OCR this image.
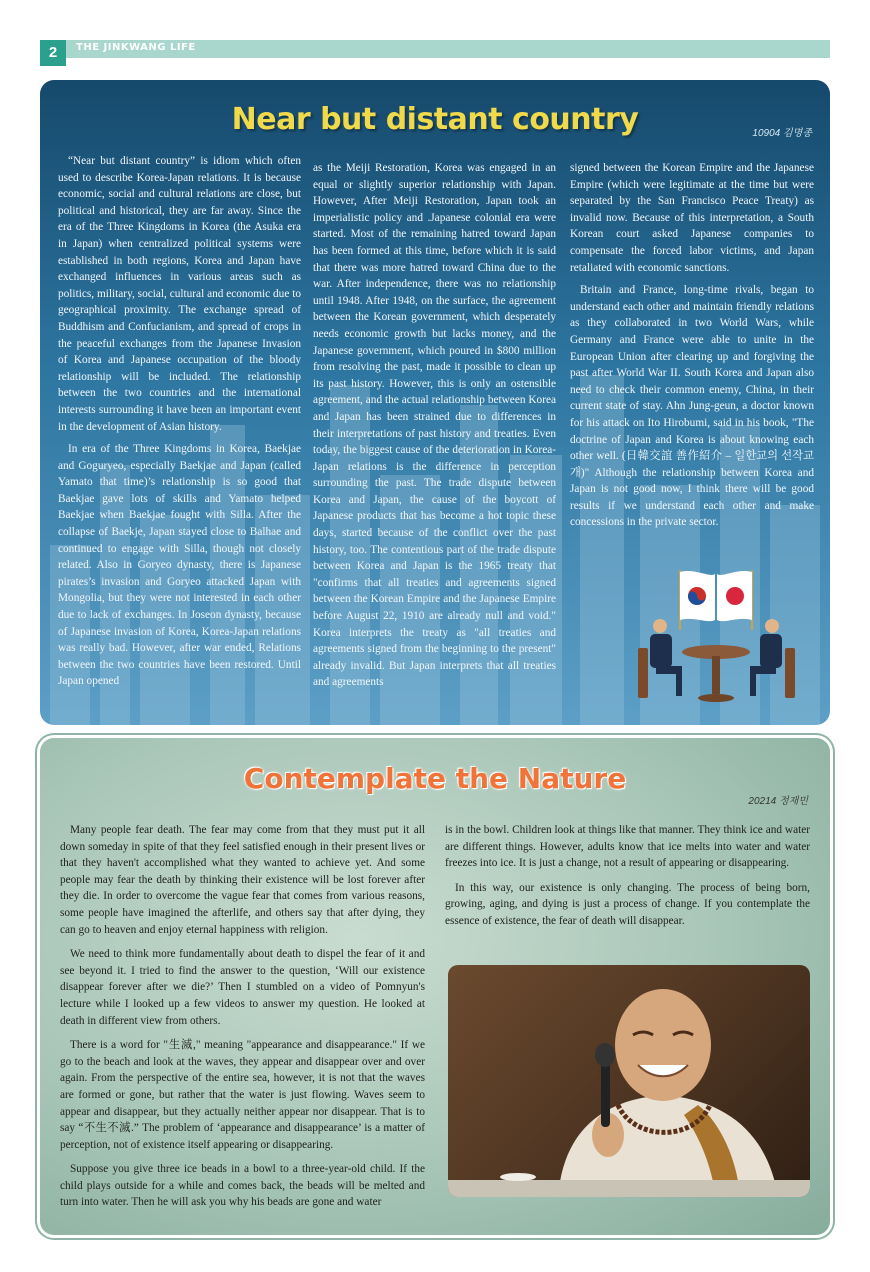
2	THE JINKWANG LIFE
Near but distant country	10904 김명종

“Near but distant country” is idiom which often used to describe Korea-Japan relations. It is because economic, social and cultural relations are close, but political and historical, they are far away. Since the era of the Three Kingdoms in Korea (the Asuka era in Japan) when centralized political systems were established in both regions, Korea and Japan have exchanged influences in various areas such as politics, military, social, cultural and economic due to geographical proximity. The exchange spread of Buddhism and Confucianism, and spread of crops in the peaceful exchanges from the Japanese Invasion of Korea and Japanese occupation of the bloody relationship will be included. The relationship between the two countries and the international interests surrounding it have been an important event in the development of Asian history.

In era of the Three Kingdoms in Korea, Baekjae and Goguryeo, especially Baekjae and Japan (called Yamato that time)’s relationship is so good that Baekjae gave lots of skills and Yamato helped Baekjae when Baekjae fought with Silla. After the collapse of Baekje, Japan stayed close to Balhae and continued to engage with Silla, though not closely related. Also in Goryeo dynasty, there is Japanese pirates’s invasion and Goryeo attacked Japan with Mongolia, but they were not interested in each other due to lack of exchanges. In Joseon dynasty, because of Japanese invasion of Korea, Korea-Japan relations was really bad. However, after war ended, Relations between the two countries have been restored. Until Japan opened

as the Meiji Restoration, Korea was engaged in an equal or slightly superior relationship with Japan. However, After Meiji Restoration, Japan took an imperialistic policy and .Japanese colonial era were started. Most of the remaining hatred toward Japan has been formed at this time, before which it is said that there was more hatred toward China due to the war. After independence, there was no relationship until 1948. After 1948, on the surface, the agreement between the Korean government, which desperately needs economic growth but lacks money, and the Japanese government, which poured in $800 million from resolving the past, made it possible to clean up its past history. However, this is only an ostensible agreement, and the actual relationship between Korea and Japan has been strained due to differences in their interpretations of past history and treaties. Even today, the biggest cause of the deterioration in Korea-Japan relations is the difference in perception surrounding the past. The trade dispute between Korea and Japan, the cause of the boycott of Japanese products that has become a hot topic these days, started because of the conflict over the past history, too. The contentious part of the trade dispute between Korea and Japan is the 1965 treaty that "confirms that all treaties and agreements signed between the Korean Empire and the Japanese Empire before August 22, 1910 are already null and void." Korea interprets the treaty as "all treaties and agreements signed from the beginning to the present" already invalid. But Japan interprets that all treaties and agreements

signed between the Korean Empire and the Japanese Empire (which were legitimate at the time but were separated by the San Francisco Peace Treaty) as invalid now. Because of this interpretation, a South Korean court asked Japanese companies to compensate the forced labor victims, and Japan retaliated with economic sanctions.

Britain and France, long-time rivals, began to understand each other and maintain friendly relations as they collaborated in two World Wars, while Germany and France were able to unite in the European Union after clearing up and forgiving the past after World War II. South Korea and Japan also need to check their common enemy, China, in their current state of stay. Ahn Jung-geun, a doctor known for his attack on Ito Hirobumi, said in his book, "The doctrine of Japan and Korea is about knowing each other well. (日韓交誼 善作紹介 – 일한교의 선작교개)" Although the relationship between Korea and Japan is not good now, I think there will be good results if we understand each other and make concessions in the private sector.

Contemplate the Nature
20214 정재민

Many people fear death. The fear may come from that they must put it all down someday in spite of that they feel satisfied enough in their present lives or that they haven't accomplished what they wanted to achieve yet. And some people may fear the death by thinking their existence will be lost forever after they die. In order to overcome the vague fear that comes from various reasons, some people have imagined the afterlife, and others say that after dying, they can go to heaven and enjoy eternal happiness with religion.

We need to think more fundamentally about death to dispel the fear of it and see beyond it. I tried to find the answer to the question, ‘Will our existence disappear forever after we die?’ Then I stumbled on a video of Pomnyun's lecture while I looked up a few videos to answer my question. He looked at death in different view from others.

There is a word for "生滅," meaning "appearance and disappearance." If we go to the beach and look at the waves, they appear and disappear over and over again. From the perspective of the entire sea, however, it is not that the waves are formed or gone, but rather that the water is just flowing. Waves seem to appear and disappear, but they actually neither appear nor disappear. That is to say “不生不滅.” The problem of ‘appearance and disappearance’ is a matter of perception, not of existence itself appearing or disappearing.

Suppose you give three ice beads in a bowl to a three-year-old child. If the child plays outside for a while and comes back, the beads will be melted and turn into water. Then he will ask you why his beads are gone and water

is in the bowl. Children look at things like that manner. They think ice and water are different things. However, adults know that ice melts into water and water freezes into ice. It is just a change, not a result of appearing or disappearing.

In this way, our existence is only changing. The process of being born, growing, aging, and dying is just a process of change. If you contemplate the essence of existence, the fear of death will disappear.
